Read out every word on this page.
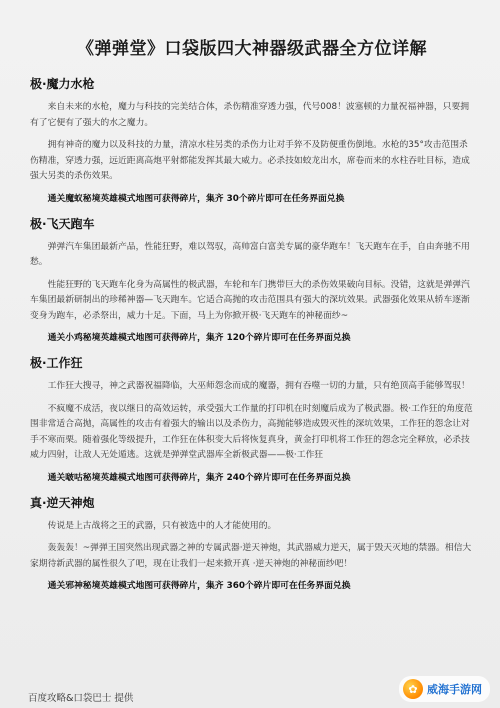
《弹弹堂》口袋版四大神器级武器全方位详解
极·魔力水枪

来自未来的水枪，魔力与科技的完美结合体，杀伤精准穿透力强，代号008！波塞顿的力量祝福神器，只要拥有了它便有了强大的水之魔力。

拥有神奇的魔力以及科技的力量，清凉水柱另类的杀伤力让对手猝不及防便重伤倒地。水枪的35°攻击范围杀伤精准，穿透力强，远近距离高炮平射都能发挥其最大威力。必杀技如蛟龙出水，席卷而来的水柱吞吐目标，造成强大另类的杀伤效果。

通关魔蚁秘境英雄模式地图可获得碎片，集齐 30个碎片即可在任务界面兑换

极·飞天跑车

弹弹汽车集团最新产品，性能狂野，难以驾驭，高帅富白富美专属的豪华跑车！飞天跑车在手，自由奔驰不用愁。

性能狂野的飞天跑车化身为高属性的极武器，车轮和车门携带巨大的杀伤效果破向目标。没错，这就是弹弹汽车集团最新研制出的珍稀神器—飞天跑车。它适合高抛的攻击范围具有强大的深坑效果。武器强化效果从轿车逐渐变身为跑车，必杀祭出，威力十足。下面，马上为你掀开极·飞天跑车的神秘面纱~

通关小鸡秘境英雄模式地图可获得碎片，集齐 120个碎片即可在任务界面兑换

极·工作狂

工作狂大搜寻，神之武器祝福降临，大巫师怨念而成的魔器，拥有吞噬一切的力量，只有绝顶高手能够驾驭！

不疯魔不成活，夜以继日的高效运转，承受强大工作量的打印机在时刻魔后成为了极武器。极·工作狂的角度范围非常适合高抛，高属性的攻击有着强大的输出以及杀伤力，高抛能够造成毁灭性的深坑效果，工作狂的怨念让对手不寒而栗。随着强化等级提升，工作狂在体积变大后将恢复真身，黄金打印机将工作狂的怨念完全释放，必杀技威力四射，让敌人无处遁逃。这就是弹弹堂武器库全新极武器——极·工作狂

通关啵咕秘境英雄模式地图可获得碎片，集齐 240个碎片即可在任务界面兑换

真·逆天神炮

传说是上古战将之王的武器，只有被选中的人才能使用的。

轰轰轰！~弹弹王国突然出现武器之神的专属武器·逆天神炮，其武器威力逆天，属于毁天灭地的禁器。相信大家期待新武器的属性很久了吧，现在让我们一起来掀开真 ·逆天神炮的神秘面纱吧！

通关邪神秘境英雄模式地图可获得碎片，集齐 360个碎片即可在任务界面兑换

百度攻略&口袋巴士 提供
✿ 威海手游网
